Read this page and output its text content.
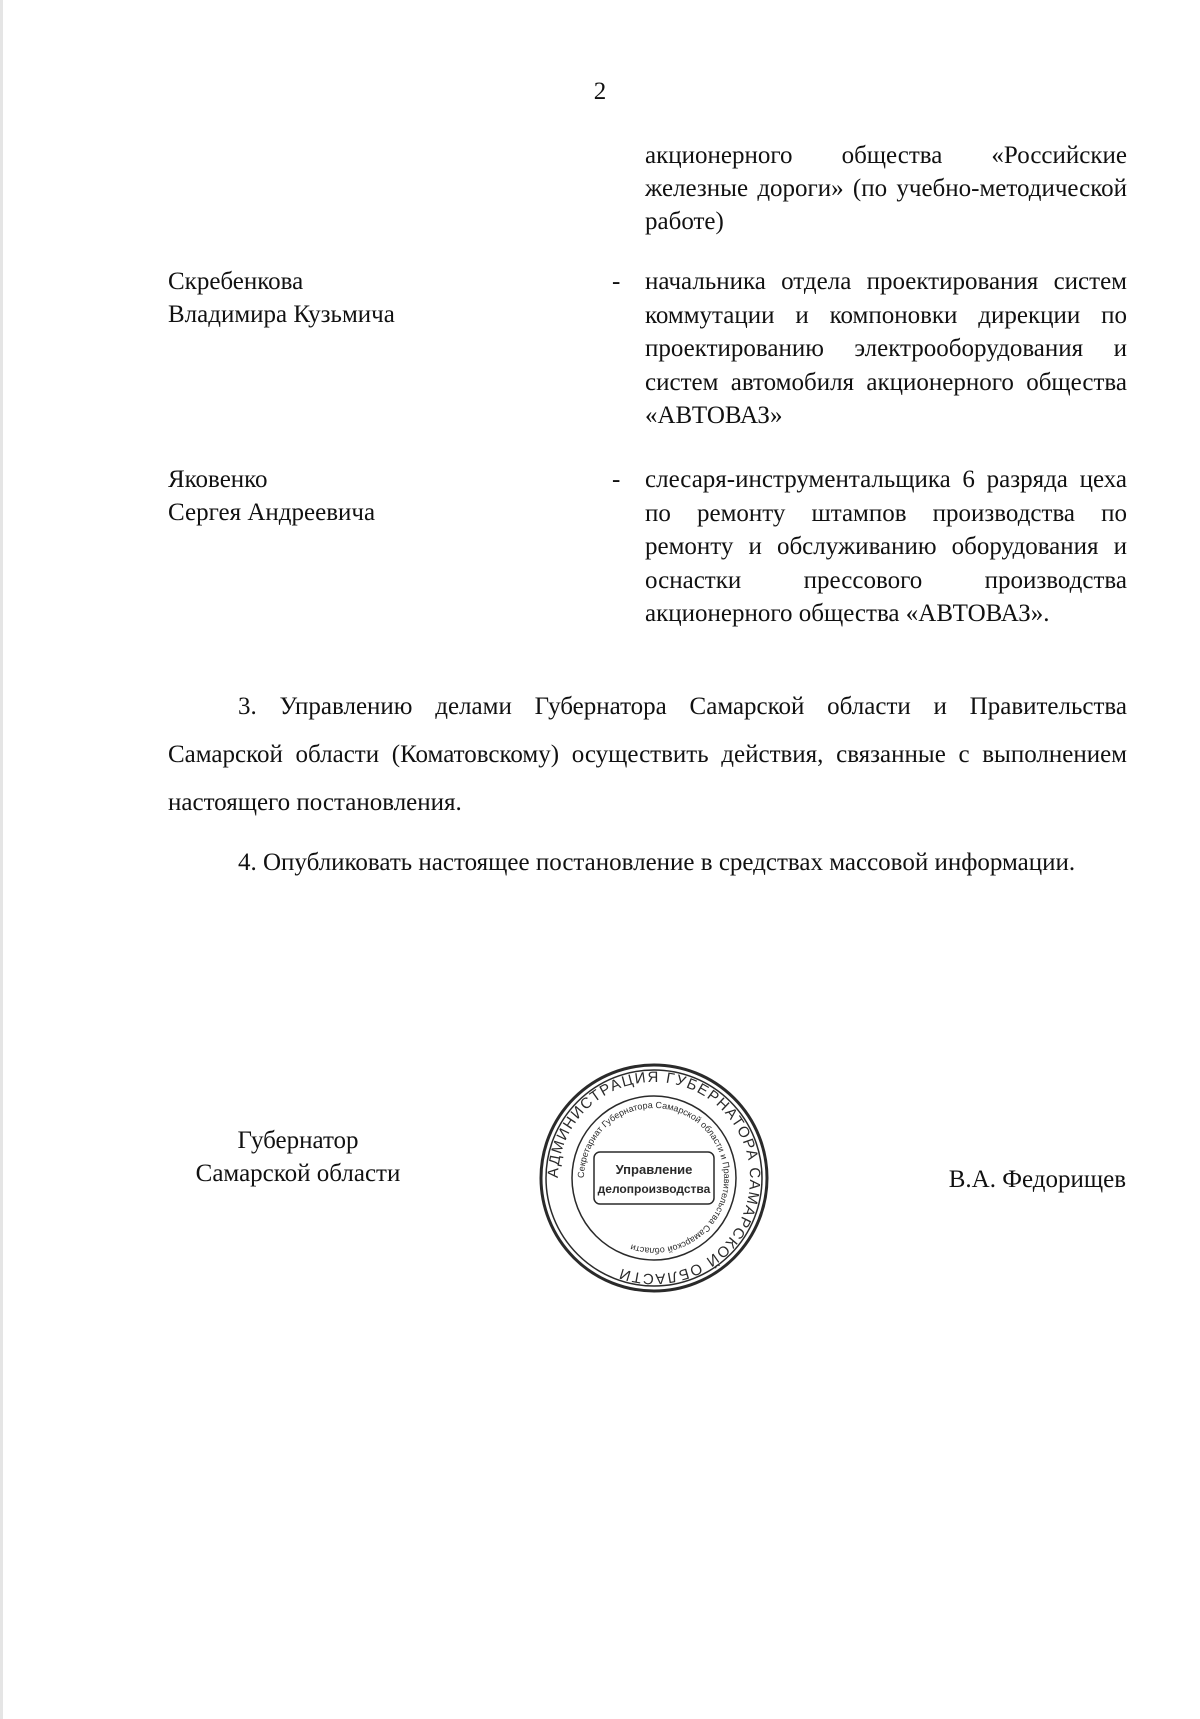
2
акционерного общества «Российские железные дороги» (по учебно-методической работе)
Скребенкова
Владимира Кузьмича
- начальника отдела проектирования систем коммутации и компоновки дирекции по проектированию электрооборудования и систем автомобиля акционерного общества «АВТОВАЗ»
Яковенко
Сергея Андреевича
- слесаря-инструментальщика 6 разряда цеха по ремонту штампов производства по ремонту и обслуживанию оборудования и оснастки прессового производства акционерного общества «АВТОВАЗ».
3. Управлению делами Губернатора Самарской области и Правительства Самарской области (Коматовскому) осуществить действия, связанные с выполнением настоящего постановления.
4. Опубликовать настоящее постановление в средствах массовой информации.
Губернатор
Самарской области	АДМИНИСТРАЦИЯ ГУБЕРНАТОРА САМАРСКОЙ ОБЛАСТИ
Секретариат Губернатора Самарской области и Правительства Самарской области
Управление
делопроизводства	В.А. Федорищев
